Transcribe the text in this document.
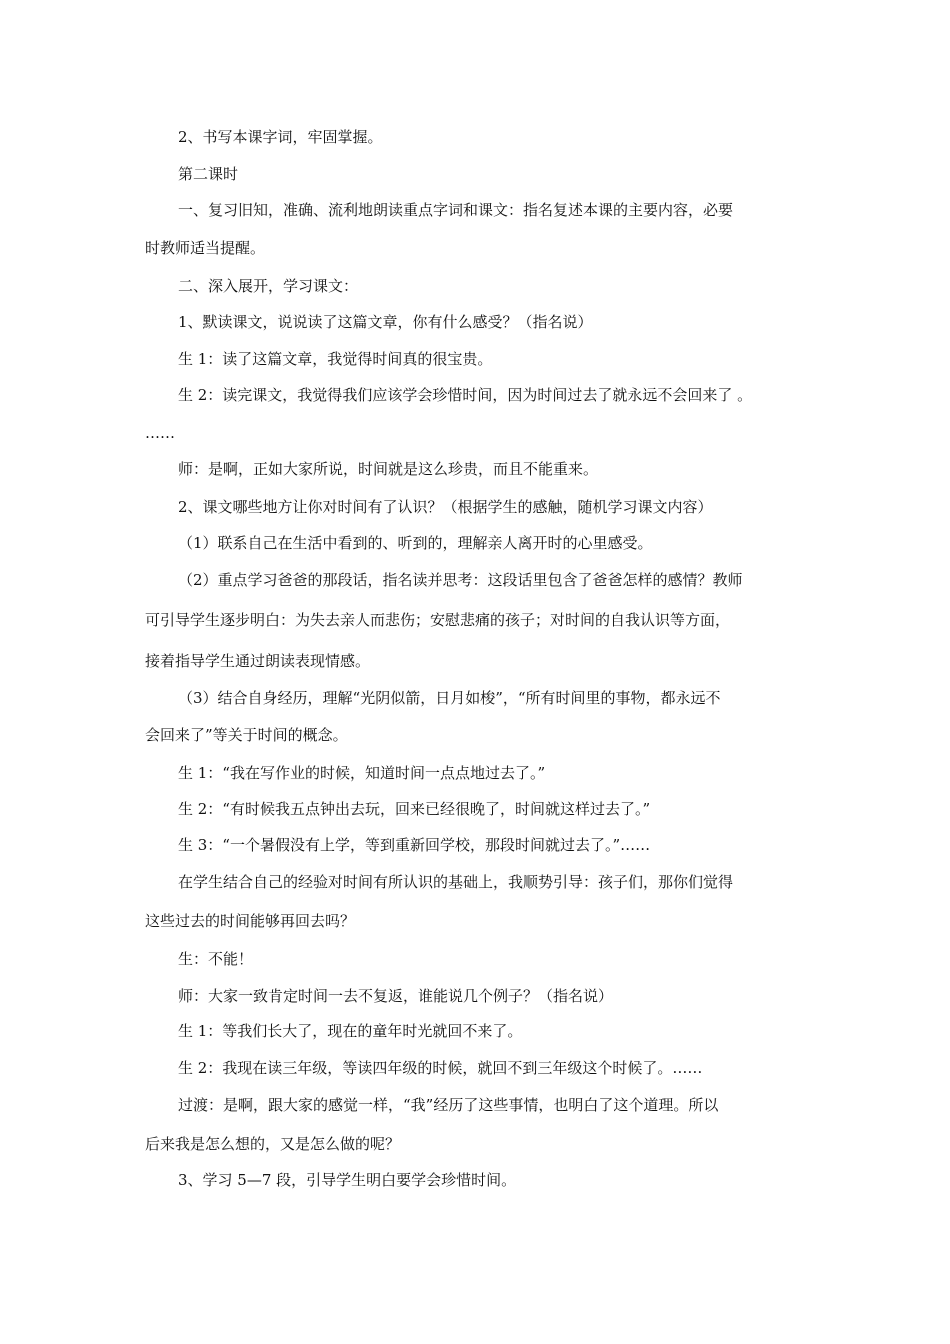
2、书写本课字词，牢固掌握。
第二课时
一、复习旧知，准确、流利地朗读重点字词和课文：指名复述本课的主要内容，必要
时教师适当提醒。
二、深入展开，学习课文：
1、默读课文，说说读了这篇文章，你有什么感受？（指名说）
生 1：读了这篇文章，我觉得时间真的很宝贵。
生 2：读完课文，我觉得我们应该学会珍惜时间，因为时间过去了就永远不会回来了 。
……
师：是啊，正如大家所说，时间就是这么珍贵，而且不能重来。
2、课文哪些地方让你对时间有了认识？（根据学生的感触，随机学习课文内容）
（1）联系自己在生活中看到的、听到的，理解亲人离开时的心里感受。
（2）重点学习爸爸的那段话，指名读并思考：这段话里包含了爸爸怎样的感情？教师
可引导学生逐步明白：为失去亲人而悲伤；安慰悲痛的孩子；对时间的自我认识等方面，
接着指导学生通过朗读表现情感。
（3）结合自身经历，理解“光阴似箭，日月如梭”，“所有时间里的事物，都永远不
会回来了”等关于时间的概念。
生 1：“我在写作业的时候，知道时间一点点地过去了。”
生 2：“有时候我五点钟出去玩，回来已经很晚了，时间就这样过去了。”
生 3：“一个暑假没有上学，等到重新回学校，那段时间就过去了。”……
在学生结合自己的经验对时间有所认识的基础上，我顺势引导：孩子们，那你们觉得
这些过去的时间能够再回去吗？
生：不能！
师：大家一致肯定时间一去不复返，谁能说几个例子？（指名说）
生 1：等我们长大了，现在的童年时光就回不来了。
生 2：我现在读三年级，等读四年级的时候，就回不到三年级这个时候了。……
过渡：是啊，跟大家的感觉一样，“我”经历了这些事情，也明白了这个道理。所以
后来我是怎么想的，又是怎么做的呢？
3、学习 5—7 段，引导学生明白要学会珍惜时间。
